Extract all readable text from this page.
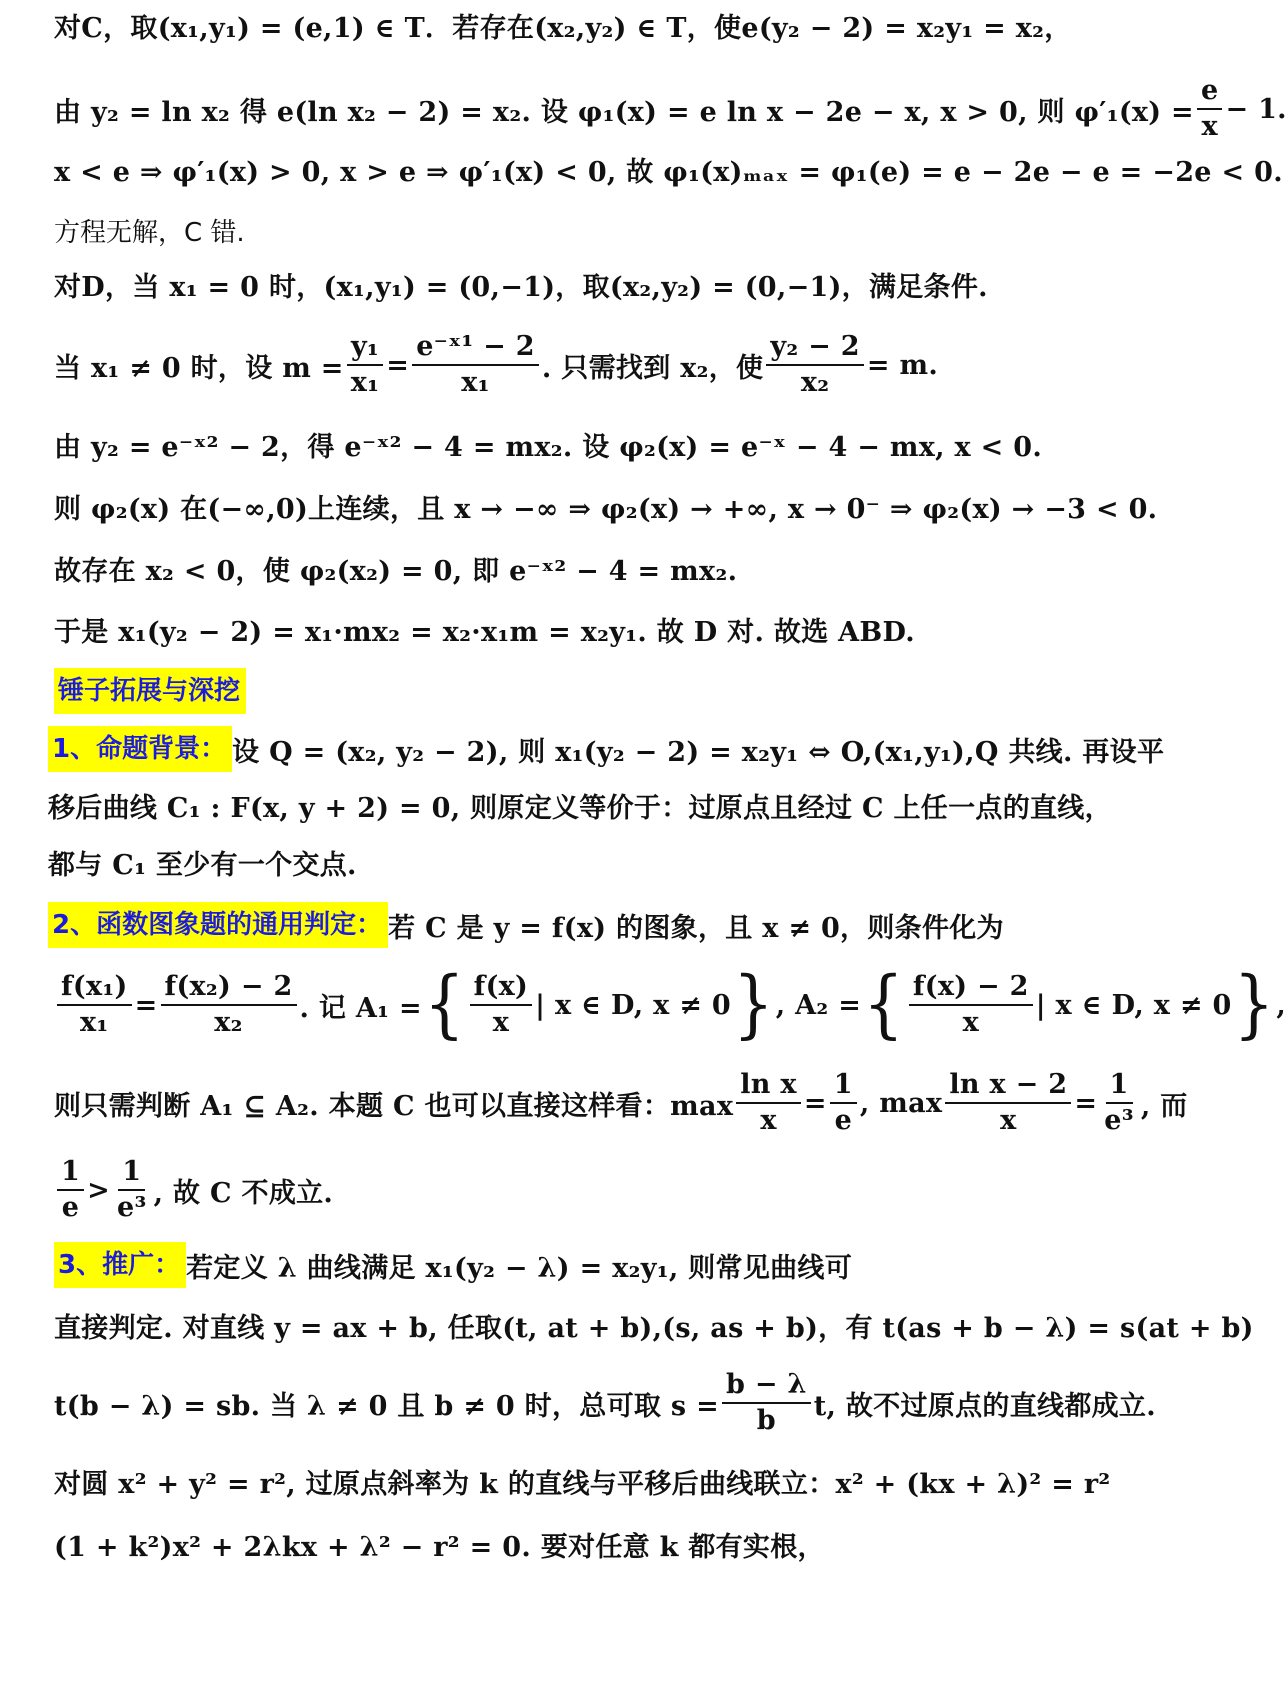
对C，取(x₁,y₁) = (e,1) ∈ T．若存在(x₂,y₂) ∈ T，使e(y₂ − 2) = x₂y₁ = x₂，
由 y₂ = ln x₂ 得 e(ln x₂ − 2) = x₂. 设 φ₁(x) = e ln x − 2e − x, x > 0, 则 $\varphi'_1(x) = \frac{e}{x} - 1$.
x < e ⇒ φ′₁(x) > 0, x > e ⇒ φ′₁(x) < 0, 故 φ₁(x)ₘₐₓ = φ₁(e) = e − 2e − e = −2e < 0.
方程无解，C 错.
对D，当 x₁ = 0 时，(x₁,y₁) = (0,−1)，取(x₂,y₂) = (0,−1)，满足条件.
当 x₁ ≠ 0 时，设 $m = \frac{\text{y₁}}{\text{x₁}} = \frac{\text{e⁻ˣ¹ − 2}}{\text{x₁}}$ . 只需找到 x₂，使 $\frac{\text{y₂ − 2}}{\text{x₂}} = m$.
由 y₂ = e⁻ˣ² − 2，得 e⁻ˣ² − 4 = mx₂. 设 φ₂(x) = e⁻ˣ − 4 − mx, x < 0.
则 φ₂(x) 在(−∞,0)上连续，且 x → −∞ ⇒ φ₂(x) → +∞, x → 0⁻ ⇒ φ₂(x) → −3 < 0.
故存在 x₂ < 0，使 φ₂(x₂) = 0, 即 e⁻ˣ² − 4 = mx₂.
于是 x₁(y₂ − 2) = x₁·mx₂ = x₂·x₁m = x₂y₁. 故 D 对. 故选 ABD.
锤子拓展与深挖
1、命题背景： 设 Q = (x₂, y₂ − 2), 则 x₁(y₂ − 2) = x₂y₁ ⇔ O,(x₁,y₁),Q 共线. 再设平
移后曲线 C₁ : F(x, y + 2) = 0, 则原定义等价于：过原点且经过 C 上任一点的直线，
都与 C₁ 至少有一个交点.
2、函数图象题的通用判定： 若 C 是 y = f(x) 的图象，且 x ≠ 0，则条件化为
$\frac{\text{f(x₁)}}{\text{x₁}} = \frac{\text{f(x₂) − 2}}{\text{x₂}}$ . 记 A₁ = { $\frac{f(x)}{x}$ | x ∈ D, x ≠ 0 } , A₂ = { $\frac{f(x) - 2}{x}$ | x ∈ D, x ≠ 0 } ,
则只需判断 A₁ ⊆ A₂. 本题 C 也可以直接这样看：$\max \frac{\text{ln x}}{x} = \frac{1}{e}$ , $\max \frac{\text{ln x − 2}}{x} = \frac{1}{\text{e³}}$ , 而
$\frac{1}{e} > \frac{1}{\text{e³}}$ , 故 C 不成立.
3、推广： 若定义 λ 曲线满足 x₁(y₂ − λ) = x₂y₁, 则常见曲线可
直接判定. 对直线 y = ax + b, 任取(t, at + b),(s, as + b)，有 t(as + b − λ) = s(at + b)
t(b − λ) = sb. 当 λ ≠ 0 且 b ≠ 0 时，总可取 $s = \frac{b - \lambda}{b} t$, 故不过原点的直线都成立.
对圆 x² + y² = r², 过原点斜率为 k 的直线与平移后曲线联立：x² + (kx + λ)² = r²
(1 + k²)x² + 2λkx + λ² − r² = 0. 要对任意 k 都有实根，
